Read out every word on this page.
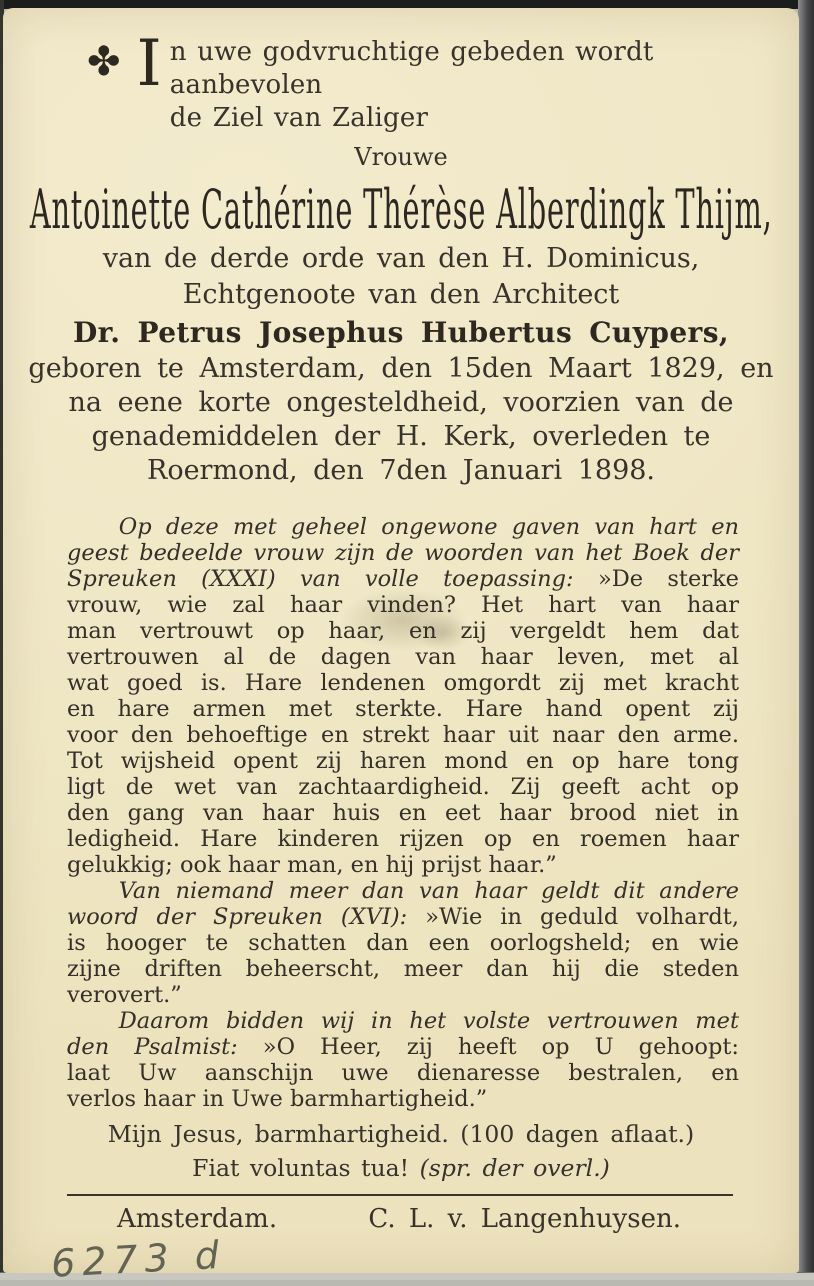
✤ I n uwe godvruchtige gebeden wordt aanbevolen
de Ziel van Zaliger
Vrouwe
Antoinette Cathérine Thérèse Alberdingk Thijm,
van de derde orde van den H. Dominicus,
Echtgenoote van den Architect
Dr. Petrus Josephus Hubertus Cuypers,
geboren te Amsterdam, den 15den Maart 1829, en
na eene korte ongesteldheid, voorzien van de
genademiddelen der H. Kerk, overleden te
Roermond, den 7den Januari 1898.
Op deze met geheel ongewone gaven van hart en
geest bedeelde vrouw zijn de woorden van het Boek der
Spreuken (XXXI) van volle toepassing: »De sterke
vrouw, wie zal haar vinden? Het hart van haar
man vertrouwt op haar, en zij vergeldt hem dat
vertrouwen al de dagen van haar leven, met al
wat goed is. Hare lendenen omgordt zij met kracht
en hare armen met sterkte. Hare hand opent zij
voor den behoeftige en strekt haar uit naar den arme.
Tot wijsheid opent zij haren mond en op hare tong
ligt de wet van zachtaardigheid. Zij geeft acht op
den gang van haar huis en eet haar brood niet in
ledigheid. Hare kinderen rijzen op en roemen haar
gelukkig; ook haar man, en hij prijst haar.”
Van niemand meer dan van haar geldt dit andere
woord der Spreuken (XVI): »Wie in geduld volhardt,
is hooger te schatten dan een oorlogsheld; en wie
zijne driften beheerscht, meer dan hij die steden
verovert.”
Daarom bidden wij in het volste vertrouwen met
den Psalmist: »O Heer, zij heeft op U gehoopt:
laat Uw aanschijn uwe dienaresse bestralen, en
verlos haar in Uwe barmhartigheid.”
Mijn Jesus, barmhartigheid. (100 dagen aflaat.)
Fiat voluntas tua! (spr. der overl.)
Amsterdam.	C. L. v. Langenhuysen.
6273 d
